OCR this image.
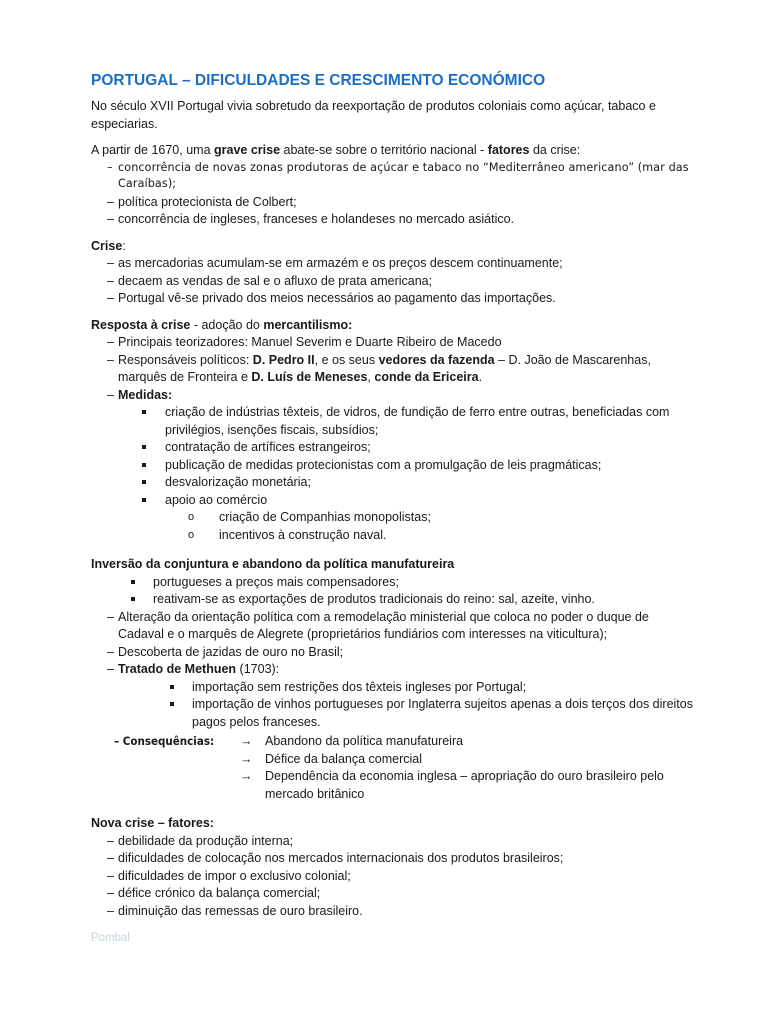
PORTUGAL – DIFICULDADES E CRESCIMENTO ECONÓMICO

No século XVII Portugal vivia sobretudo da reexportação de produtos coloniais como açúcar, tabaco e especiarias.

A partir de 1670, uma grave crise abate-se sobre o território nacional - fatores da crise:

– concorrência de novas zonas produtoras de açúcar e tabaco no “Mediterrâneo americano” (mar das Caraíbas);
– política protecionista de Colbert;
– concorrência de ingleses, franceses e holandeses no mercado asiático.

Crise:

– as mercadorias acumulam-se em armazém e os preços descem continuamente;
– decaem as vendas de sal e o afluxo de prata americana;
– Portugal vê-se privado dos meios necessários ao pagamento das importações.

Resposta à crise - adoção do mercantilismo:

– Principais teorizadores: Manuel Severim e Duarte Ribeiro de Macedo
– Responsáveis políticos: D. Pedro II, e os seus vedores da fazenda – D. João de Mascarenhas, marquês de Fronteira e D. Luís de Meneses, conde da Ericeira.
– Medidas:
criação de indústrias têxteis, de vidros, de fundição de ferro entre outras, beneficiadas com privilégios, isenções fiscais, subsídios;
contratação de artífices estrangeiros;
publicação de medidas protecionistas com a promulgação de leis pragmáticas;
desvalorização monetária;
apoio ao comércio
o criação de Companhias monopolistas;
o incentivos à construção naval.

Inversão da conjuntura e abandono da política manufatureira

portugueses a preços mais compensadores;
reativam-se as exportações de produtos tradicionais do reino: sal, azeite, vinho.
– Alteração da orientação política com a remodelação ministerial que coloca no poder o duque de Cadaval e o marquês de Alegrete (proprietários fundiários com interesses na viticultura);
– Descoberta de jazidas de ouro no Brasil;
– Tratado de Methuen (1703):
importação sem restrições dos têxteis ingleses por Portugal;
importação de vinhos portugueses por Inglaterra sujeitos apenas a dois terços dos direitos pagos pelos franceses.
– Consequências: → Abandono da política manufatureira
→ Défice da balança comercial
→ Dependência da economia inglesa – apropriação do ouro brasileiro pelo mercado britânico

Nova crise – fatores:

– debilidade da produção interna;
– dificuldades de colocação nos mercados internacionais dos produtos brasileiros;
– dificuldades de impor o exclusivo colonial;
– défice crónico da balança comercial;
– diminuição das remessas de ouro brasileiro.
Pombal
